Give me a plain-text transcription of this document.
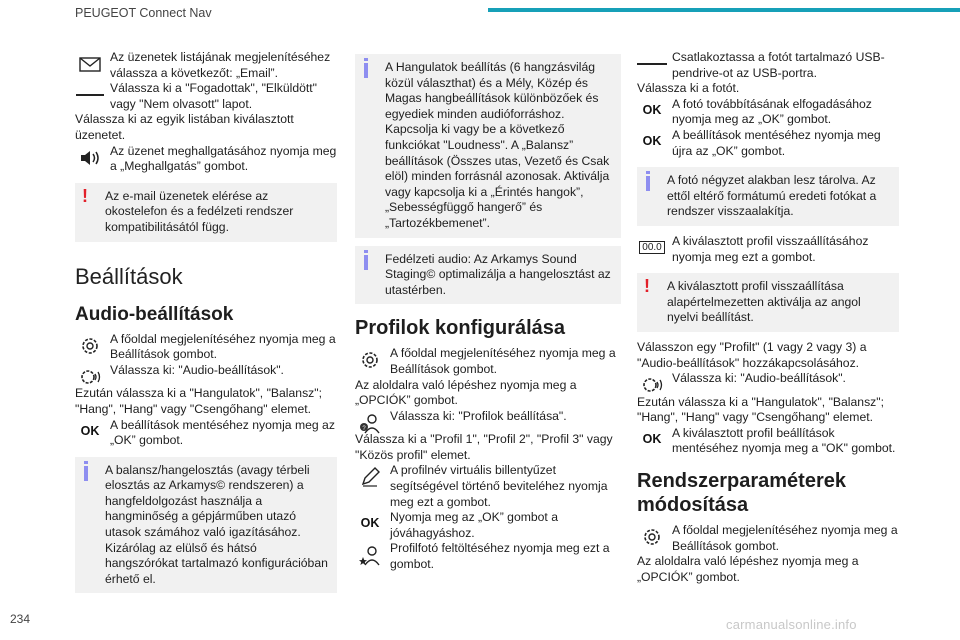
PEUGEOT Connect Nav
Az üzenetek listájának megjelenítéséhez válassza a következőt: „Email”.
Válassza ki a "Fogadottak", "Elküldött" vagy "Nem olvasott" lapot.
Válassza ki az egyik listában kiválasztott üzenetet.
Az üzenet meghallgatásához nyomja meg a „Meghallgatás” gombot.
!	Az e-mail üzenetek elérése az okostelefon és a fedélzeti rendszer kompatibilitásától függ.
Beállítások
Audio-beállítások
A főoldal megjelenítéséhez nyomja meg a Beállítások gombot.
Válassza ki: "Audio-beállítások".
Ezután válassza ki a "Hangulatok", "Balansz"; "Hang", "Hang" vagy "Csengőhang" elemet.
OK A beállítások mentéséhez nyomja meg az „OK” gombot.
A balansz/hangelosztás (avagy térbeli elosztás az Arkamys© rendszeren) a hangfeldolgozást használja a hangminőség a gépjárműben utazó utasok számához való igazításához. Kizárólag az elülső és hátsó hangszórókat tartalmazó konfigurációban érhető el.
A Hangulatok beállítás (6 hangzásvilág közül választhat) és a Mély, Közép és Magas hangbeállítások különbözőek és egyediek minden audióforráshoz. Kapcsolja ki vagy be a következő funkciókat "Loudness". A „Balansz” beállítások (Összes utas, Vezető és Csak elöl) minden forrásnál azonosak. Aktiválja vagy kapcsolja ki a „Érintés hangok”, „Sebességfüggő hangerő” és „Tartozékbemenet”.
Fedélzeti audio: Az Arkamys Sound Staging© optimalizálja a hangelosztást az utastérben.
Profilok konfigurálása
A főoldal megjelenítéséhez nyomja meg a Beállítások gombot.
Az aloldalra való lépéshez nyomja meg a „OPCIÓK” gombot.
?
Válassza ki: "Profilok beállítása".
Válassza ki a "Profil 1", "Profil 2", "Profil 3" vagy "Közös profil" elemet.
A profilnév virtuális billentyűzet segítségével történő beviteléhez nyomja meg ezt a gombot.
OK Nyomja meg az „OK” gombot a jóváhagyáshoz.
Profilfotó feltöltéséhez nyomja meg ezt a gombot.
Csatlakoztassa a fotót tartalmazó USB-pendrive-ot az USB-portra.
Válassza ki a fotót.
OK A fotó továbbításának elfogadásához nyomja meg az „OK” gombot.
OK A beállítások mentéséhez nyomja meg újra az „OK” gombot.
A fotó négyzet alakban lesz tárolva. Az ettől eltérő formátumú eredeti fotókat a rendszer visszaalakítja.
00.0 A kiválasztott profil visszaállításához nyomja meg ezt a gombot.
!	A kiválasztott profil visszaállítása alapértelmezetten aktiválja az angol nyelvi beállítást.
Válasszon egy "Profilt" (1 vagy 2 vagy 3) a "Audio-beállítások" hozzákapcsolásához.
Válassza ki: "Audio-beállítások".
Ezután válassza ki a "Hangulatok", "Balansz"; "Hang", "Hang" vagy "Csengőhang" elemet.
OK A kiválasztott profil beállítások mentéséhez nyomja meg a "OK" gombot.
Rendszerparaméterek módosítása
A főoldal megjelenítéséhez nyomja meg a Beállítások gombot.
Az aloldalra való lépéshez nyomja meg a „OPCIÓK” gombot.
234	carmanualsonline.info
